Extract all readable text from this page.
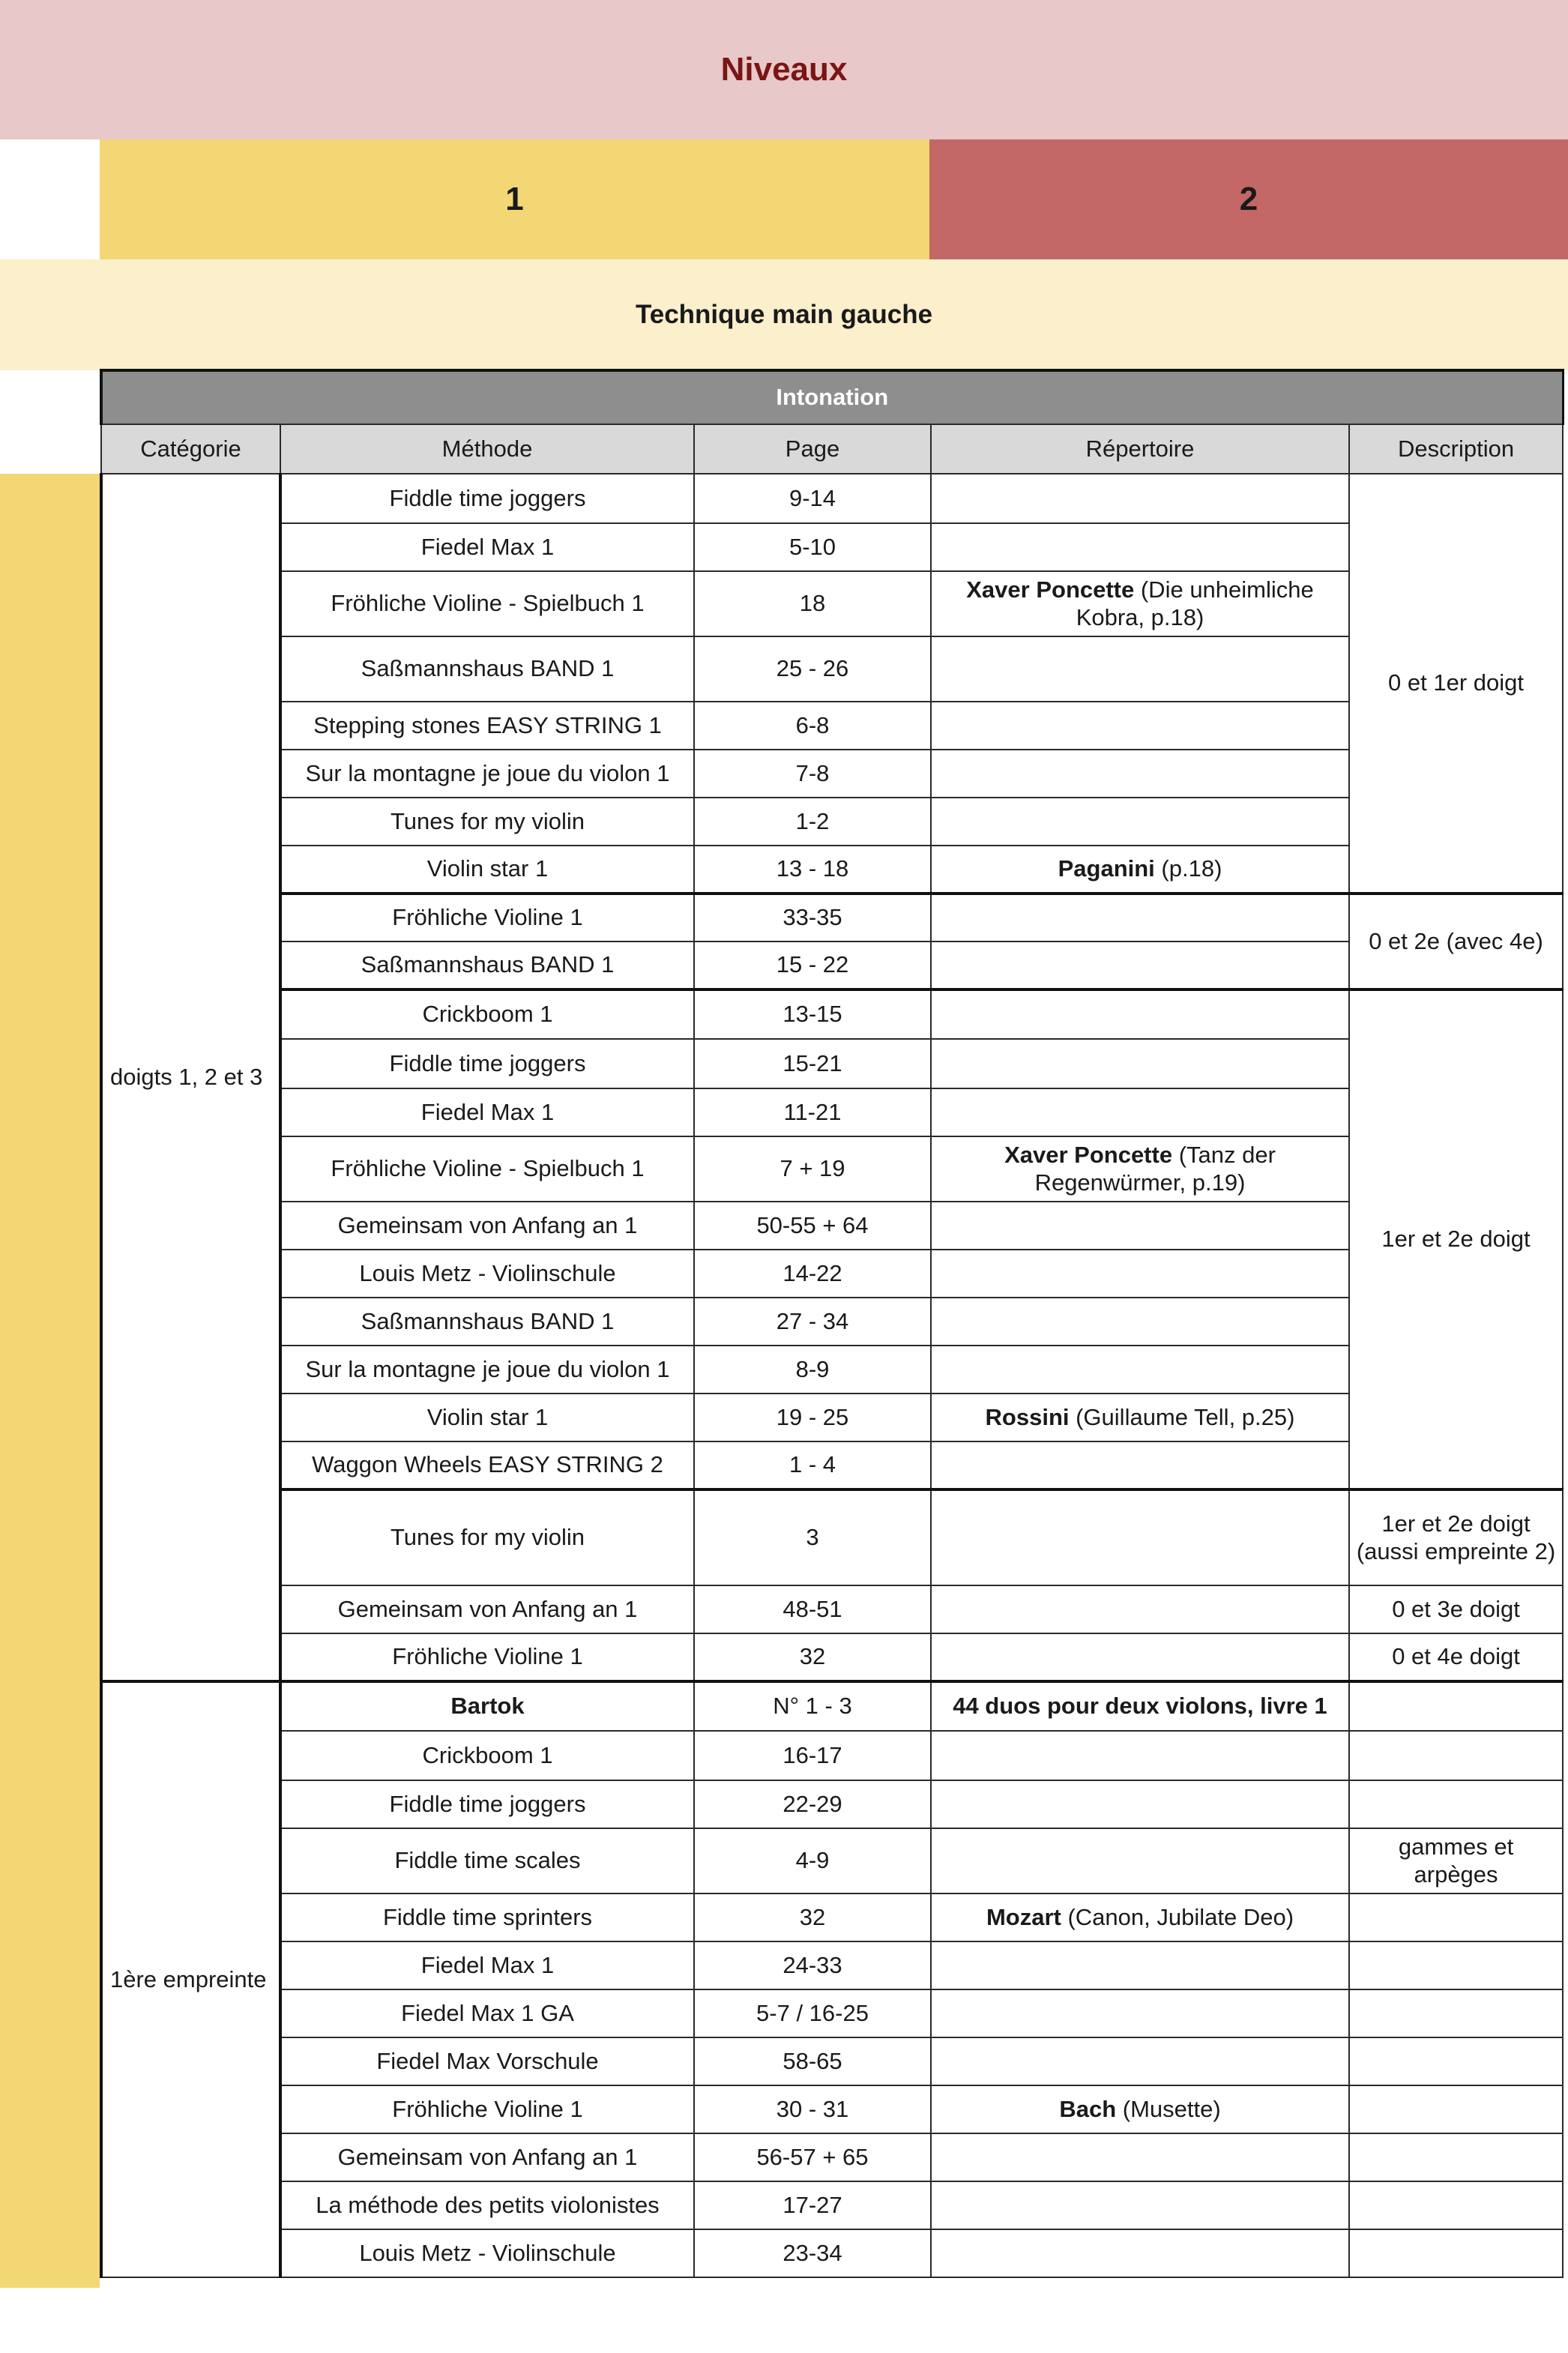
Niveaux
1	2
Technique main gauche
Intonation				
Catégorie	Méthode	Page	Répertoire	Description
doigts 1, 2 et 3	Fiddle time joggers	9-14		0 et 1er doigt
	Fiedel Max 1	5-10		
	Fröhliche Violine - Spielbuch 1	18	Xaver Poncette (Die unheimliche Kobra, p.18)	
	Saßmannshaus BAND 1	25 - 26		
	Stepping stones EASY STRING 1	6-8		
	Sur la montagne je joue du violon 1	7-8		
	Tunes for my violin	1-2		
	Violin star 1	13 - 18	Paganini (p.18)	
	Fröhliche Violine 1	33-35		0 et 2e (avec 4e)
	Saßmannshaus BAND 1	15 - 22		
	Crickboom 1	13-15		1er et 2e doigt
	Fiddle time joggers	15-21		
	Fiedel Max 1	11-21		
	Fröhliche Violine - Spielbuch 1	7 + 19	Xaver Poncette (Tanz der Regenwürmer, p.19)	
	Gemeinsam von Anfang an 1	50-55 + 64		
	Louis Metz - Violinschule	14-22		
	Saßmannshaus BAND 1	27 - 34		
	Sur la montagne je joue du violon 1	8-9		
	Violin star 1	19 - 25	Rossini (Guillaume Tell, p.25)	
	Waggon Wheels EASY STRING 2	1 - 4		
	Tunes for my violin	3		1er et 2e doigt (aussi empreinte 2)
	Gemeinsam von Anfang an 1	48-51		0 et 3e doigt
	Fröhliche Violine 1	32		0 et 4e doigt
1ère empreinte	Bartok	N° 1 - 3	44 duos pour deux violons, livre 1	
	Crickboom 1	16-17		
	Fiddle time joggers	22-29		
	Fiddle time scales	4-9		gammes et arpèges
	Fiddle time sprinters	32	Mozart (Canon, Jubilate Deo)	
	Fiedel Max 1	24-33		
	Fiedel Max 1 GA	5-7 / 16-25		
	Fiedel Max Vorschule	58-65		
	Fröhliche Violine 1	30 - 31	Bach (Musette)	
	Gemeinsam von Anfang an 1	56-57 + 65		
	La méthode des petits violonistes	17-27		
	Louis Metz - Violinschule	23-34		
